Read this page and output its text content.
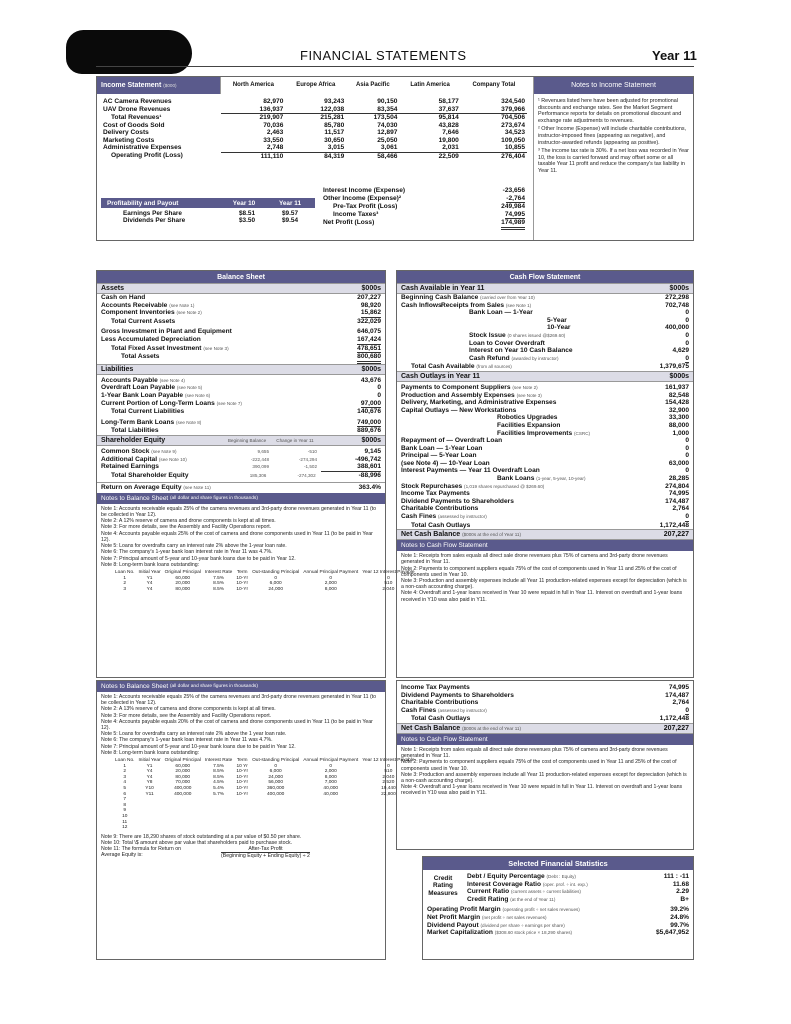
FINANCIAL STATEMENTS	Year 11
Income Statement ($000)	North America	Europe Africa	Asia Pacific	Latin America	Company Total

AC Camera Revenues	82,970	93,243	90,150	58,177	324,540
UAV Drone Revenues	136,937	122,038	83,354	37,637	379,966
Total Revenues¹	219,907	215,281	173,504	95,814	704,506
Cost of Goods Sold	70,036	85,780	74,030	43,828	273,674
Delivery Costs	2,463	11,517	12,897	7,646	34,523
Marketing Costs	33,550	30,650	25,050	19,800	109,050
Administrative Expenses	2,748	3,015	3,061	2,031	10,855
Operating Profit (Loss)	111,110	84,319	58,466	22,509	276,404
Interest Income (Expense)	-23,656
Other Income (Expense)²	-2,764
Pre-Tax Profit (Loss)	249,984
Income Taxes³	74,995
Net Profit (Loss)	174,989
Profitability and Payout	Year 10	Year 11
Earnings Per Share	$8.51	$9.57
Dividends Per Share	$3.50	$9.54
Notes to Income Statement
¹ Revenues listed here have been adjusted for promotional discounts and exchange rates. See the Market Segment Performance reports for details on promotional discount and exchange rate adjustments to revenues.
² Other Income (Expense) will include charitable contributions, instructor-imposed fines (appearing as negative), and instructor-awarded refunds (appearing as positive).
³ The income tax rate is 30%. If a net loss was recorded in Year 10, the loss is carried forward and may offset some or all taxable Year 11 profit and reduce the company's tax liability in Year 11.
Balance Sheet
Assets	$000s
Cash on Hand	207,227
Accounts Receivable (see Note 1)	98,920
Component Inventories (see Note 2)	15,862
Total Current Assets	322,029
Gross Investment in Plant and Equipment	646,075
Less Accumulated Depreciation	167,424
Total Fixed Asset Investment (see Note 3)	478,651
Total Assets	800,680
Liabilities	$000s
Accounts Payable (see Note 4)	43,676
Overdraft Loan Payable (see Note 5)	0
1-Year Bank Loan Payable (see Note 6)	0
Current Portion of Long-Term Loans (see Note 7)	97,000
Total Current Liabilities	140,676
Long-Term Bank Loans (see Note 8)	749,000
Total Liabilities	889,676
Shareholder Equity	Beginning Balance	Change in Year 11	$000s
Common Stock (see Note 9)	9,655	-510	9,145
Additional Capital (see Note 10)	-222,448	-274,294	-496,742
Retained Earnings	390,099	-1,502	388,601
Total Shareholder Equity	185,306	-274,302	-88,996
Return on Average Equity (see Note 11)	363.4%
Notes to Balance Sheet
(all dollar and share figures in thousands)
Note 1: Accounts receivable equals 25% of the camera revenues and 3rd-party drone revenues generated in Year 11 (to be collected in Year 12).
Note 2: A 12% reserve of camera and drone components is kept at all times.
Note 3: For more details, see the Assembly and Facility Operations report.
Note 4: Accounts payable equals 25% of the cost of camera and drone components used in Year 11 (to be paid in Year 12).
Note 5: Loans for overdrafts carry an interest rate 2% above the 1-year loan rate.
Note 6: The company's 1-year bank loan interest rate in Year 11 was 4.7%.
Note 7: Principal amount of 5-year and 10-year bank loans due to be paid in Year 12.
Note 8: Long-term bank loans outstanding:
Loan No.	Initial Year	Original Principal	Interest Rate	Term	Out-standing Principal	Annual Principal Payment	Year 12 Interest Payable
1	Y1	60,000	7.5%	10-Yr	0	0	0
2	Y4	20,000	8.5%	10-Yr	6,000	2,000	510
3	Y4	80,000	8.5%	10-Yr	24,000	8,000	2,040
Cash Flow Statement
Cash Available in Year 11	$000s
Beginning Cash Balance (carried over from Year 10)	272,298
Cash InflowsReceipts from Sales (see Note 1)	702,748
Bank Loan — 1-Year	0
5-Year	0
10-Year	400,000
Stock Issue (0 shares issued @$269.60)	0
Loan to Cover Overdraft	0
Interest on Year 10 Cash Balance	4,629
Cash Refund (awarded by instructor)	0
Total Cash Available (from all sources)	1,379,675
Cash Outlays in Year 11	$000s
Payments to Component Suppliers (see Note 2)	161,937
Production and Assembly Expenses (see Note 3)	82,548
Delivery, Marketing, and Administrative Expenses	154,428
Capital Outlays — New Workstations	32,900
Robotics Upgrades	33,300
Facilities Expansion	88,000
Facilities Improvements (CSRC)	1,000
Repayment of — Overdraft Loan	0
Bank Loan — 1-Year Loan	0
Principal — 5-Year Loan	0
(see Note 4) — 10-Year Loan	63,000
Interest Payments — Year 11 Overdraft Loan	0
Bank Loans (1-year, 5-year, 10-year)	28,285
Stock Repurchases (1,019 shares repurchased @ $269.60)	274,804
Income Tax Payments	74,995
Dividend Payments to Shareholders	174,487
Charitable Contributions	2,764
Cash Fines (assessed by instructor)	0
Total Cash Outlays	1,172,448
Net Cash Balance ($000s at the end of Year 11)	207,227
Notes to Cash Flow Statement
Note 1: Receipts from sales equals all direct sale drone revenues plus 75% of camera and 3rd-party drone revenues generated in Year 11.
Note 2: Payments to component suppliers equals 75% of the cost of components used in Year 11 and 25% of the cost of components used in Year 10.
Note 3: Production and assembly expenses include all Year 11 production-related expenses except for depreciation (which is a non-cash accounting charge).
Note 4: Overdraft and 1-year loans received in Year 10 were repaid in full in Year 11. Interest on overdraft and 1-year loans received in Y10 was also paid in Y11.
Notes to Balance Sheet
(all dollar and share figures in thousands)
Note 1: Accounts receivable equals 25% of the camera revenues and 3rd-party drone revenues generated in Year 11 (to be collected in Year 12).
Note 2: A 13% reserve of camera and drone components is kept at all times.
Note 3: For more details, see the Assembly and Facility Operations report.
Note 4: Accounts payable equals 20% of the cost of camera and drone components used in Year 11 (to be paid in Year 12).
Note 5: Loans for overdrafts carry an interest rate 2% above the 1 year loan rate.
Note 6: The company's 1-year bank loan interest rate in Year 11 was 4.7%.
Note 7: Principal amount of 5-year and 10-year bank loans due to be paid in Year 12.
Note 8: Long-term bank loans outstanding:
Loan No.	Initial Year	Original Principal	Interest Rate	Term	Out-standing Principal	Annual Principal Payment	Year 12 Interest Payable
1	Y1	60,000	7.5%	10 Yr	0	0	0
2	Y4	20,000	8.5%	10-Yr	6,000	2,000	510
3	Y4	80,000	8.5%	10-Yr	24,000	8,000	2,040
4	Y8	70,000	4.5%	10-Yr	56,000	7,000	2,520
5	Y10	400,000	5.4%	10-Yr	360,000	40,000	19,440
6	Y11	400,000	5.7%	10-Yr	400,000	40,000	22,800
7							
8							
9							
10							
11							
12							
Note 9: There are 18,290 shares of stock outstanding at a par value of $0.50 per share.
Note 10: Total \$ amount above par value that shareholders paid to purchase stock.
Note 11: The formula for Return on Average Equity is:
After-Tax Profit
(Beginning Equity + Ending Equity) ÷ 2
Income Tax Payments	74,995
Dividend Payments to Shareholders	174,487
Charitable Contributions	2,764
Cash Fines (assessed by instructor)	0
Total Cash Outlays	1,172,448
Net Cash Balance ($000s at the end of Year 11)	207,227
Notes to Cash Flow Statement
Note 1: Receipts from sales equals all direct sale drone revenues plus 75% of camera and 3rd-party drone revenues generated in Year 11.
Note 2: Payments to component suppliers equals 75% of the cost of components used in Year 11 and 25% of the cost of components used in Year 10.
Note 3: Production and assembly expenses include all Year 11 production-related expenses except for depreciation (which is a non-cash accounting charge).
Note 4: Overdraft and 1-year loans received in Year 10 were repaid in full in Year 11. Interest on overdraft and 1-year loans received in Y10 was also paid in Y11.
Selected Financial Statistics
Credit Rating Measures
Debt / Equity Percentage (Debt : Equity)	111 : -11
Interest Coverage Ratio (oper. prof. ÷ int. exp.)	11.68
Current Ratio (current assets ÷ current liabilities)	2.29
Credit Rating (at the end of Year 11)	B+
Operating Profit Margin (operating profit ÷ net sales revenues)	39.2%
Net Profit Margin (net profit ÷ net sales revenues)	24.8%
Dividend Payout (dividend per share ÷ earnings per share)	99.7%
Market Capitalization ($308.60 stock price × 18,290 shares)	$5,647,952
